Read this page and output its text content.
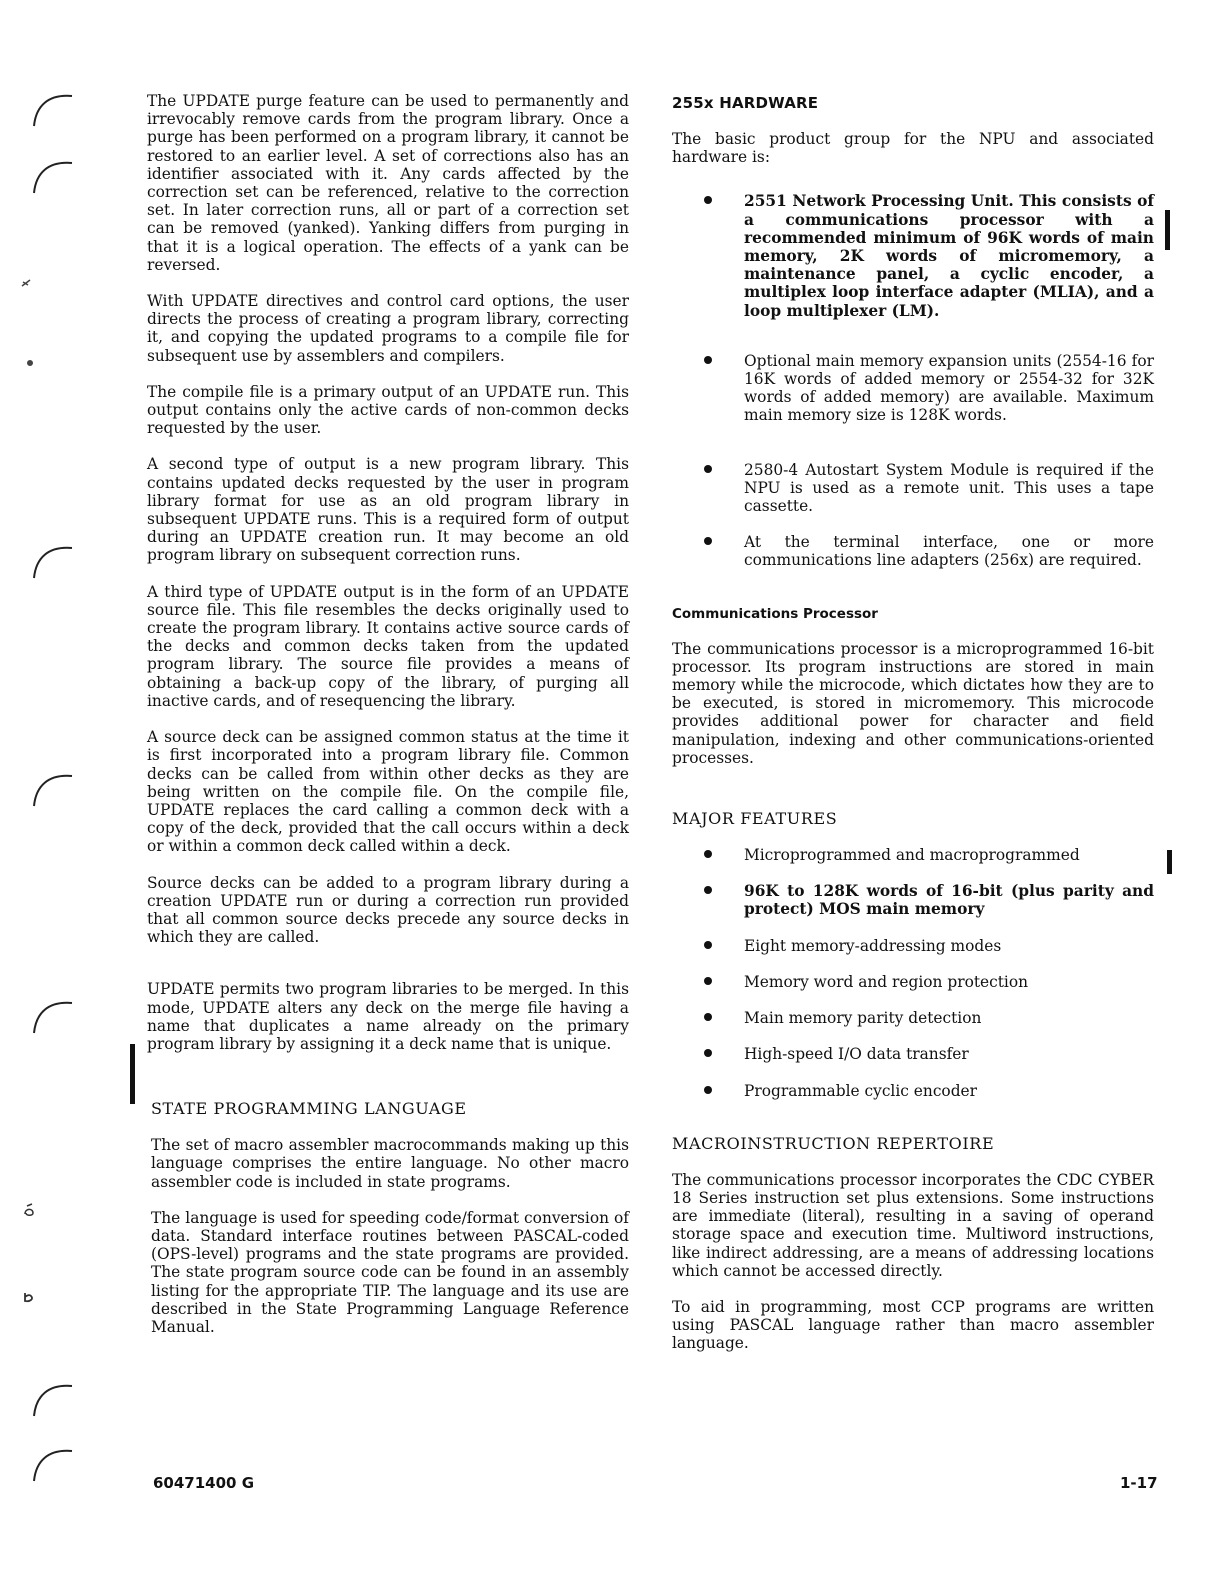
The UPDATE purge feature can be used to permanently and irrevocably remove cards from the program library. Once a purge has been performed on a program library, it cannot be restored to an earlier level. A set of corrections also has an identifier associated with it. Any cards affected by the correction set can be referenced, relative to the correction set. In later correction runs, all or part of a correction set can be removed (yanked). Yanking differs from purging in that it is a logical operation. The effects of a yank can be reversed.

With UPDATE directives and control card options, the user directs the process of creating a program library, correcting it, and copying the updated programs to a compile file for subsequent use by assemblers and compilers.

The compile file is a primary output of an UPDATE run. This output contains only the active cards of non-common decks requested by the user.

A second type of output is a new program library. This contains updated decks requested by the user in program library format for use as an old program library in subsequent UPDATE runs. This is a required form of output during an UPDATE creation run. It may become an old program library on subsequent correction runs.

A third type of UPDATE output is in the form of an UPDATE source file. This file resembles the decks originally used to create the program library. It contains active source cards of the decks and common decks taken from the updated program library. The source file provides a means of obtaining a back-up copy of the library, of purging all inactive cards, and of resequencing the library.

A source deck can be assigned common status at the time it is first incorporated into a program library file. Common decks can be called from within other decks as they are being written on the compile file. On the compile file, UPDATE replaces the card calling a common deck with a copy of the deck, provided that the call occurs within a deck or within a common deck called within a deck.

Source decks can be added to a program library during a creation UPDATE run or during a correction run provided that all common source decks precede any source decks in which they are called.

UPDATE permits two program libraries to be merged. In this mode, UPDATE alters any deck on the merge file having a name that duplicates a name already on the primary program library by assigning it a deck name that is unique.

STATE PROGRAMMING LANGUAGE

The set of macro assembler macrocommands making up this language comprises the entire language. No other macro assembler code is included in state programs.

The language is used for speeding code/format conversion of data. Standard interface routines between PASCAL-coded (OPS-level) programs and the state programs are provided. The state program source code can be found in an assembly listing for the appropriate TIP. The language and its use are described in the State Programming Language Reference Manual.

255x HARDWARE

The basic product group for the NPU and associated hardware is:

2551 Network Processing Unit. This consists of a communications processor with a recommended minimum of 96K words of main memory, 2K words of micromemory, a maintenance panel, a cyclic encoder, a multiplex loop interface adapter (MLIA), and a loop multiplexer (LM).
Optional main memory expansion units (2554-16 for 16K words of added memory or 2554-32 for 32K words of added memory) are available. Maximum main memory size is 128K words.
2580-4 Autostart System Module is required if the NPU is used as a remote unit. This uses a tape cassette.
At the terminal interface, one or more communications line adapters (256x) are required.
Communications Processor

The communications processor is a microprogrammed 16-bit processor. Its program instructions are stored in main memory while the microcode, which dictates how they are to be executed, is stored in micromemory. This microcode provides additional power for character and field manipulation, indexing and other communications-oriented processes.

MAJOR FEATURES
Microprogrammed and macroprogrammed
96K to 128K words of 16-bit (plus parity and protect) MOS main memory
Eight memory-addressing modes
Memory word and region protection
Main memory parity detection
High-speed I/O data transfer
Programmable cyclic encoder
MACROINSTRUCTION REPERTOIRE

The communications processor incorporates the CDC CYBER 18 Series instruction set plus extensions. Some instructions are immediate (literal), resulting in a saving of operand storage space and execution time. Multiword instructions, like indirect addressing, are a means of addressing locations which cannot be accessed directly.

To aid in programming, most CCP programs are written using PASCAL language rather than macro assembler language.

60471400 G	1-17
